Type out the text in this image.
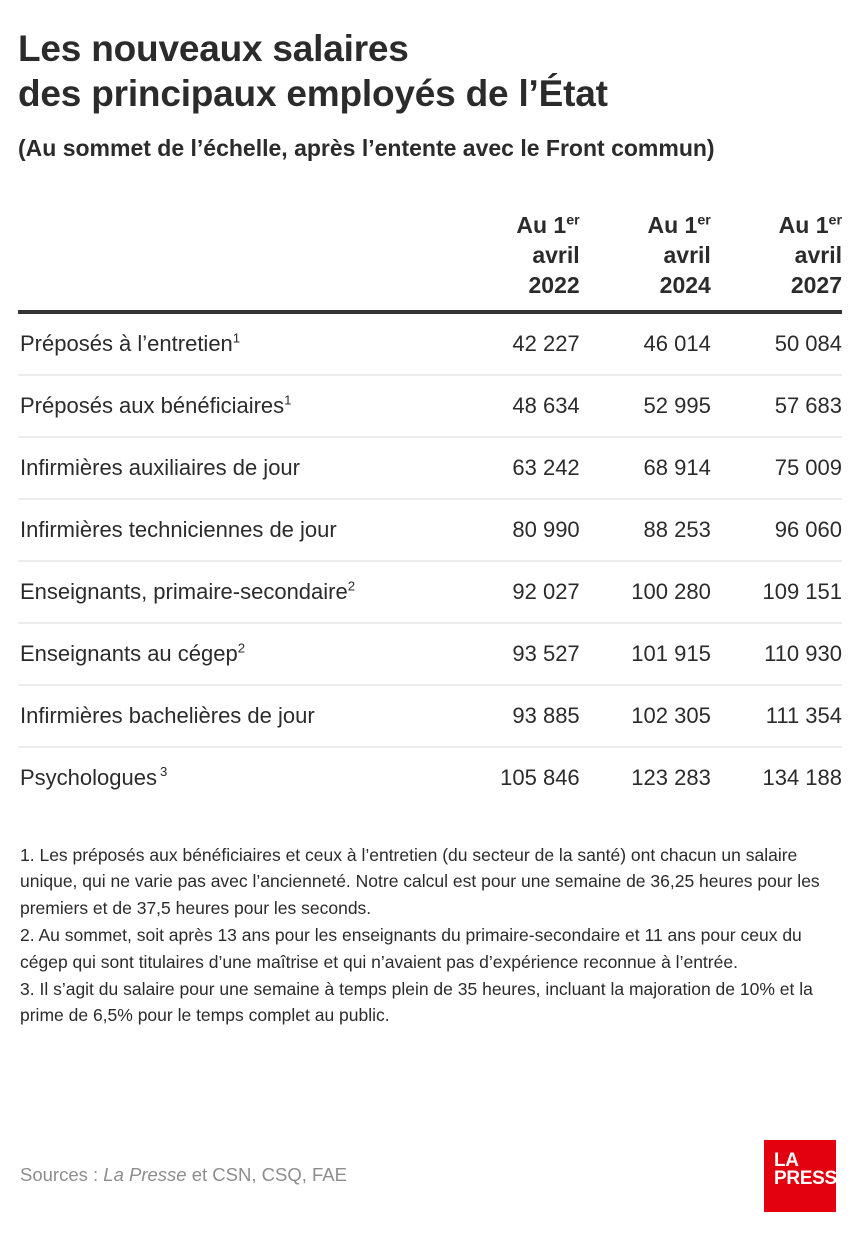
Les nouveaux salaires
des principaux employés de l’État
(Au sommet de l’échelle, après l’entente avec le Front commun)

	Au 1er
avril
2022	Au 1er
avril
2024	Au 1er
avril
2027

Préposés à l’entretien$^1$	42 227	46 014	50 084
Préposés aux bénéficiaires$^1$	48 634	52 995	57 683
Infirmières auxiliaires de jour	63 242	68 914	75 009
Infirmières techniciennes de jour	80 990	88 253	96 060
Enseignants, primaire-secondaire$^2$	92 027	100 280	109 151
Enseignants au cégep$^2$	93 527	101 915	110 930
Infirmières bachelières de jour	93 885	102 305	111 354
Psychologues $^3$	105 846	123 283	134 188

1. Les préposés aux bénéficiaires et ceux à l’entretien (du secteur de la santé) ont chacun un salaire unique, qui ne varie pas avec l’ancienneté. Notre calcul est pour une semaine de 36,25 heures pour les premiers et de 37,5 heures pour les seconds.

2. Au sommet, soit après 13 ans pour les enseignants du primaire-secondaire et 11 ans pour ceux du cégep qui sont titulaires d’une maîtrise et qui n’avaient pas d’expérience reconnue à l’entrée.

3. Il s’agit du salaire pour une semaine à temps plein de 35 heures, incluant la majoration de 10% et la prime de 6,5% pour le temps complet au public.

Sources : La Presse et CSN, CSQ, FAE
LA
PRESSE
